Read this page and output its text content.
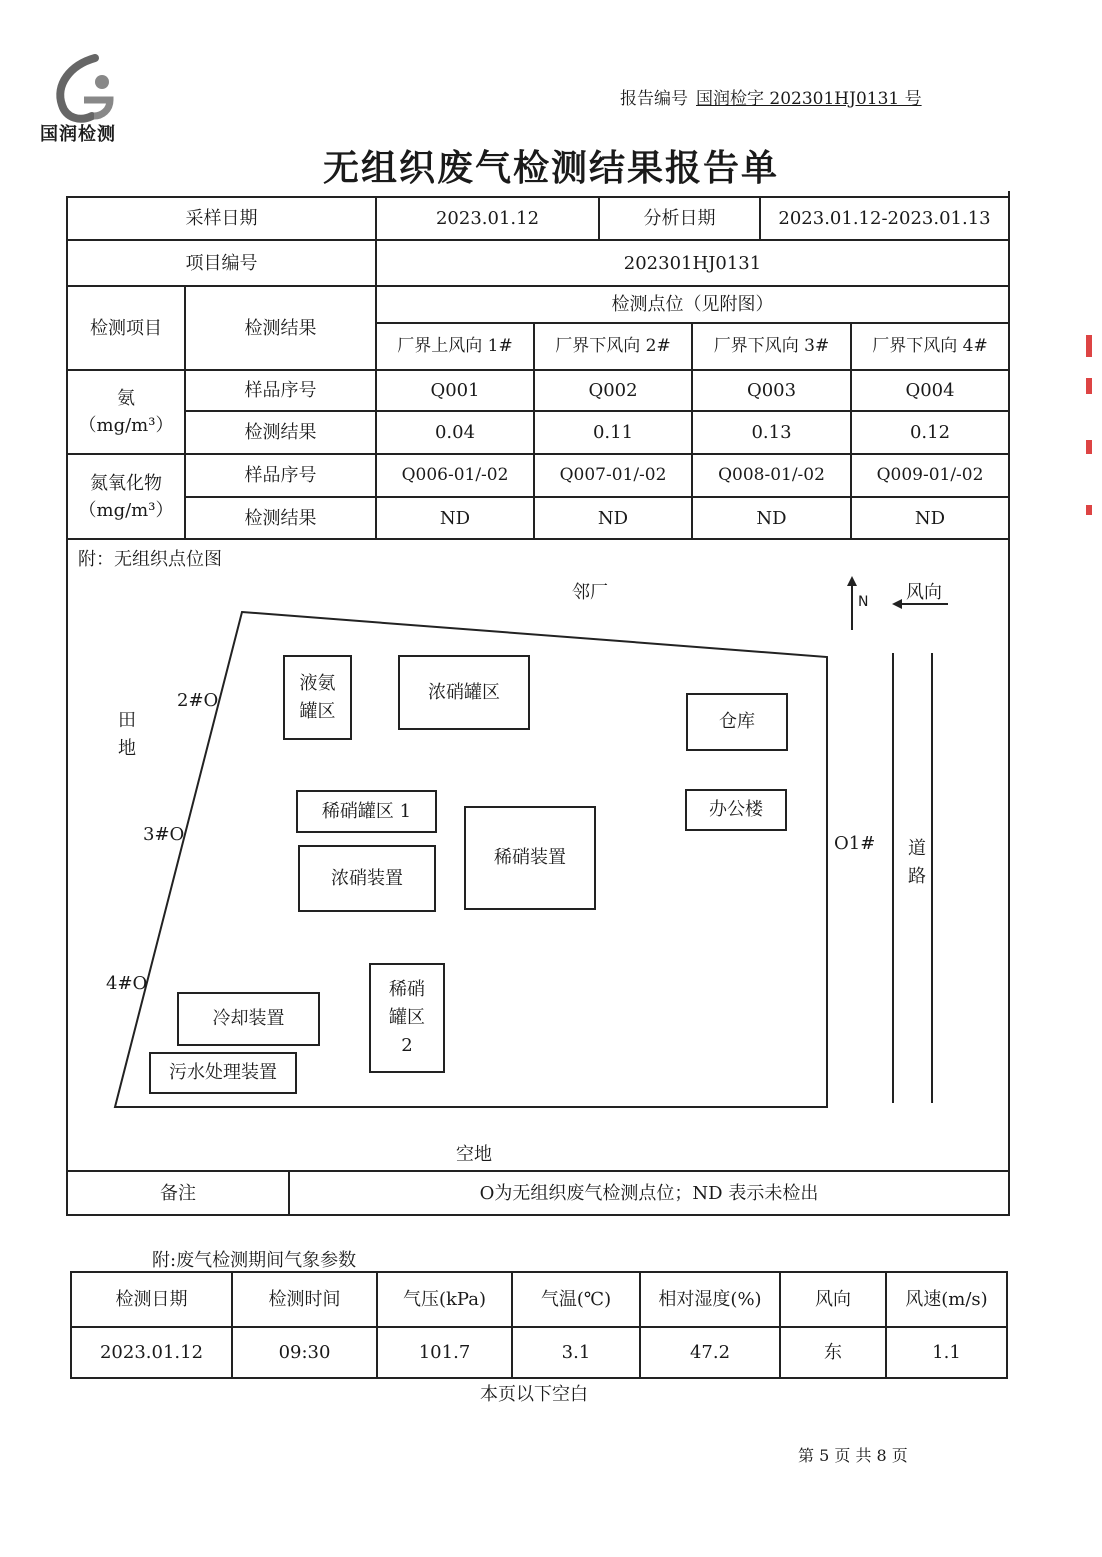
国润检测
报告编号 国润检字 202301HJ0131 号
无组织废气检测结果报告单
采样日期	2023.01.12	分析日期	2023.01.12-2023.01.13
项目编号	202301HJ0131
检测项目	检测结果
检测点位（见附图）
厂界上风向 1#	厂界下风向 2#	厂界下风向 3#	厂界下风向 4#
氨
（mg/m³）
样品序号	Q001	Q002	Q003	Q004
检测结果	0.04	0.11	0.13	0.12
氮氧化物
（mg/m³）
样品序号	Q006-01/-02	Q007-01/-02	Q008-01/-02	Q009-01/-02
检测结果	ND	ND	ND	ND
附：无组织点位图
邻厂	N 风向
道路
田地
空地
O1#
2#O
3#O
4#O
液氨罐区
浓硝罐区
仓库
办公楼
稀硝罐区 1
浓硝装置
稀硝装置
稀硝罐区2
冷却装置
污水处理装置
备注	O为无组织废气检测点位；ND 表示未检出
附:废气检测期间气象参数
检测日期	检测时间	气压(kPa)	气温(℃)	相对湿度(%)	风向	风速(m/s)
2023.01.12	09:30	101.7	3.1	47.2	东	1.1
本页以下空白
第 5 页 共 8 页
